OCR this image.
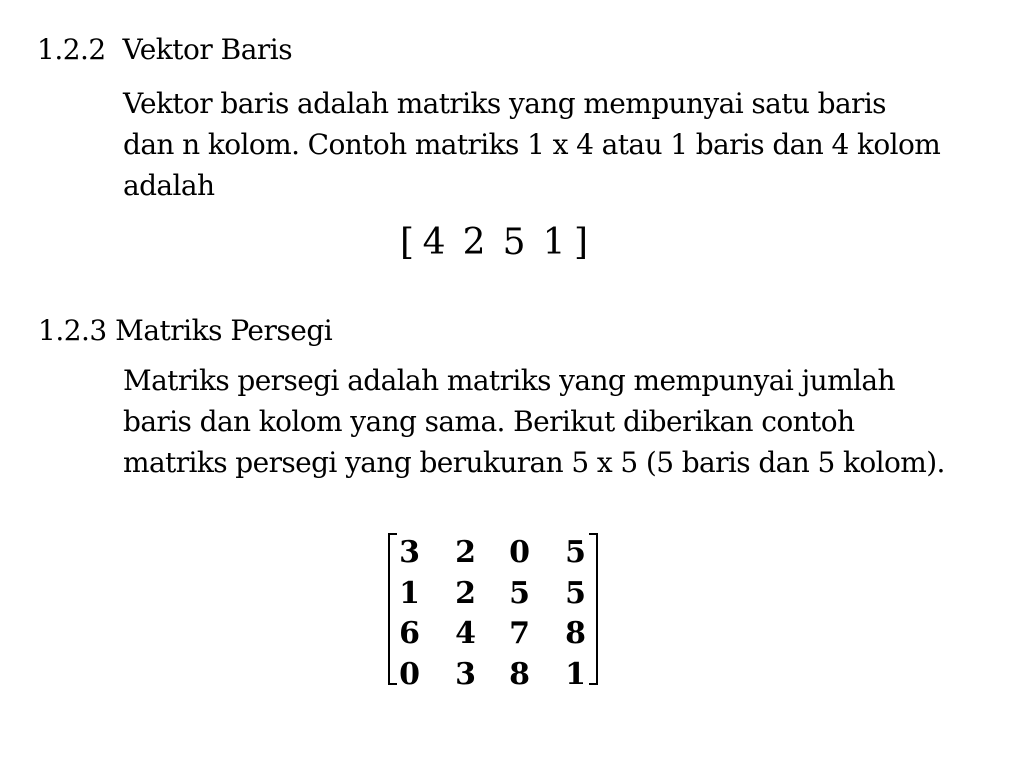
1.2.2  Vektor Baris

Vektor baris adalah matriks yang mempunyai satu baris
dan n kolom. Contoh matriks 1 x 4 atau 1 baris dan 4 kolom
adalah

[ 4 2 5 1 ]
1.2.3 Matriks Persegi

Matriks persegi adalah matriks yang mempunyai jumlah
baris dan kolom yang sama. Berikut diberikan contoh
matriks persegi yang berukuran 5 x 5 (5 baris dan 5 kolom).

3	2	0	5
1	2	5	5
6	4	7	8
0	3	8	1
